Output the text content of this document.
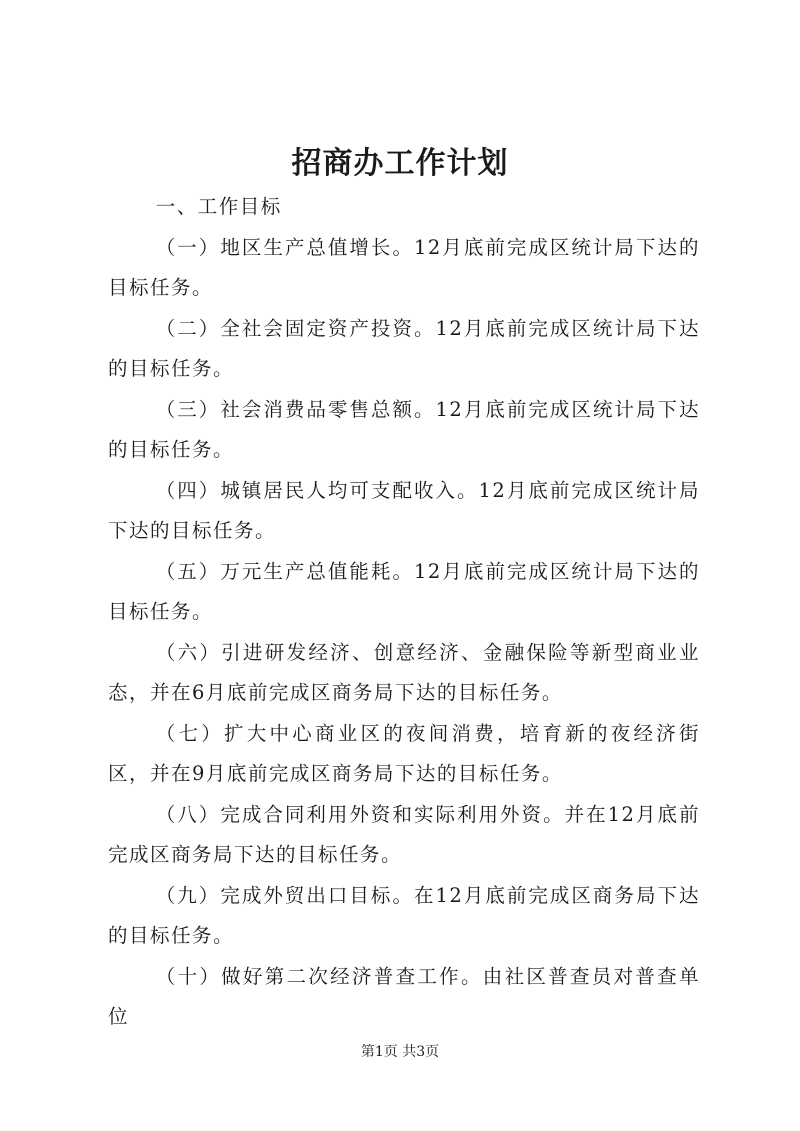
招商办工作计划

一、工作目标

（一）地区生产总值增长。12月底前完成区统计局下达的目标任务。

（二）全社会固定资产投资。12月底前完成区统计局下达的目标任务。

（三）社会消费品零售总额。12月底前完成区统计局下达的目标任务。

（四）城镇居民人均可支配收入。12月底前完成区统计局下达的目标任务。

（五）万元生产总值能耗。12月底前完成区统计局下达的目标任务。

（六）引进研发经济、创意经济、金融保险等新型商业业态，并在6月底前完成区商务局下达的目标任务。

（七）扩大中心商业区的夜间消费，培育新的夜经济街区，并在9月底前完成区商务局下达的目标任务。

（八）完成合同利用外资和实际利用外资。并在12月底前完成区商务局下达的目标任务。

（九）完成外贸出口目标。在12月底前完成区商务局下达的目标任务。

（十）做好第二次经济普查工作。由社区普查员对普查单位

第1页 共3页
